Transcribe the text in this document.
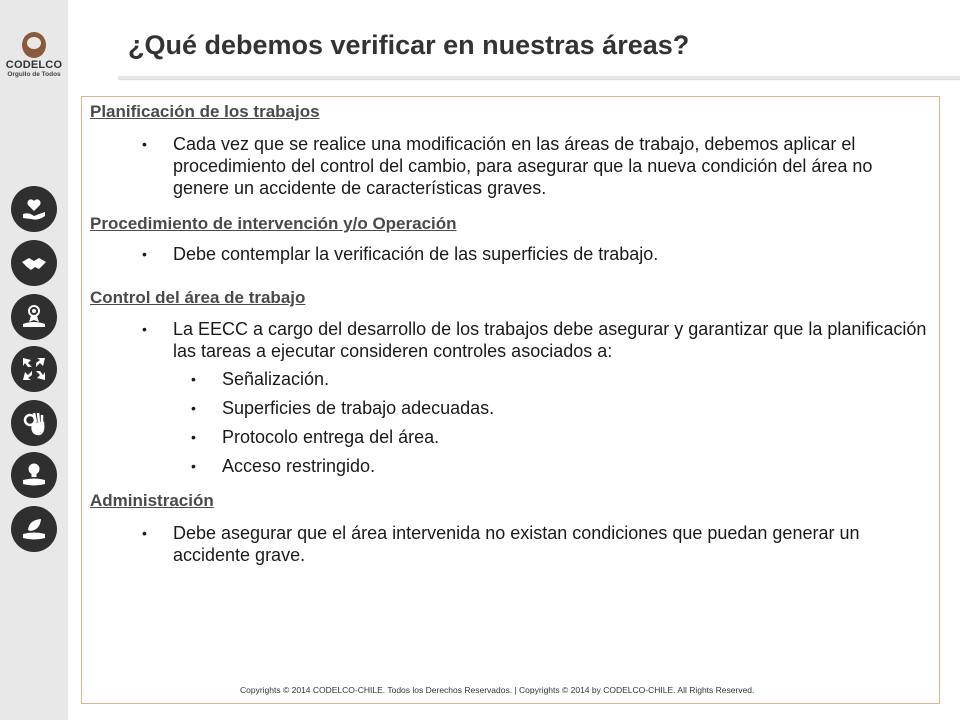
CODELCO
Orgullo de Todos
¿Qué debemos verificar en nuestras áreas?
Planificación de los trabajos
• Cada vez que se realice una modificación en las áreas de trabajo, debemos aplicar el procedimiento del control del cambio, para asegurar que la nueva condición del área no genere un accidente de características graves.
Procedimiento de intervención y/o Operación
• Debe contemplar la verificación de las superficies de trabajo.
Control del área de trabajo
• La EECC a cargo del desarrollo de los trabajos debe asegurar y garantizar que la planificación las tareas a ejecutar consideren controles asociados a:
• Señalización.
• Superficies de trabajo adecuadas.
• Protocolo entrega del área.
• Acceso restringido.
Administración
• Debe asegurar que el área intervenida no existan condiciones que puedan generar un accidente grave.
Copyrights © 2014 CODELCO-CHILE. Todos los Derechos Reservados. | Copyrights © 2014 by CODELCO-CHILE. All Rights Reserved.
